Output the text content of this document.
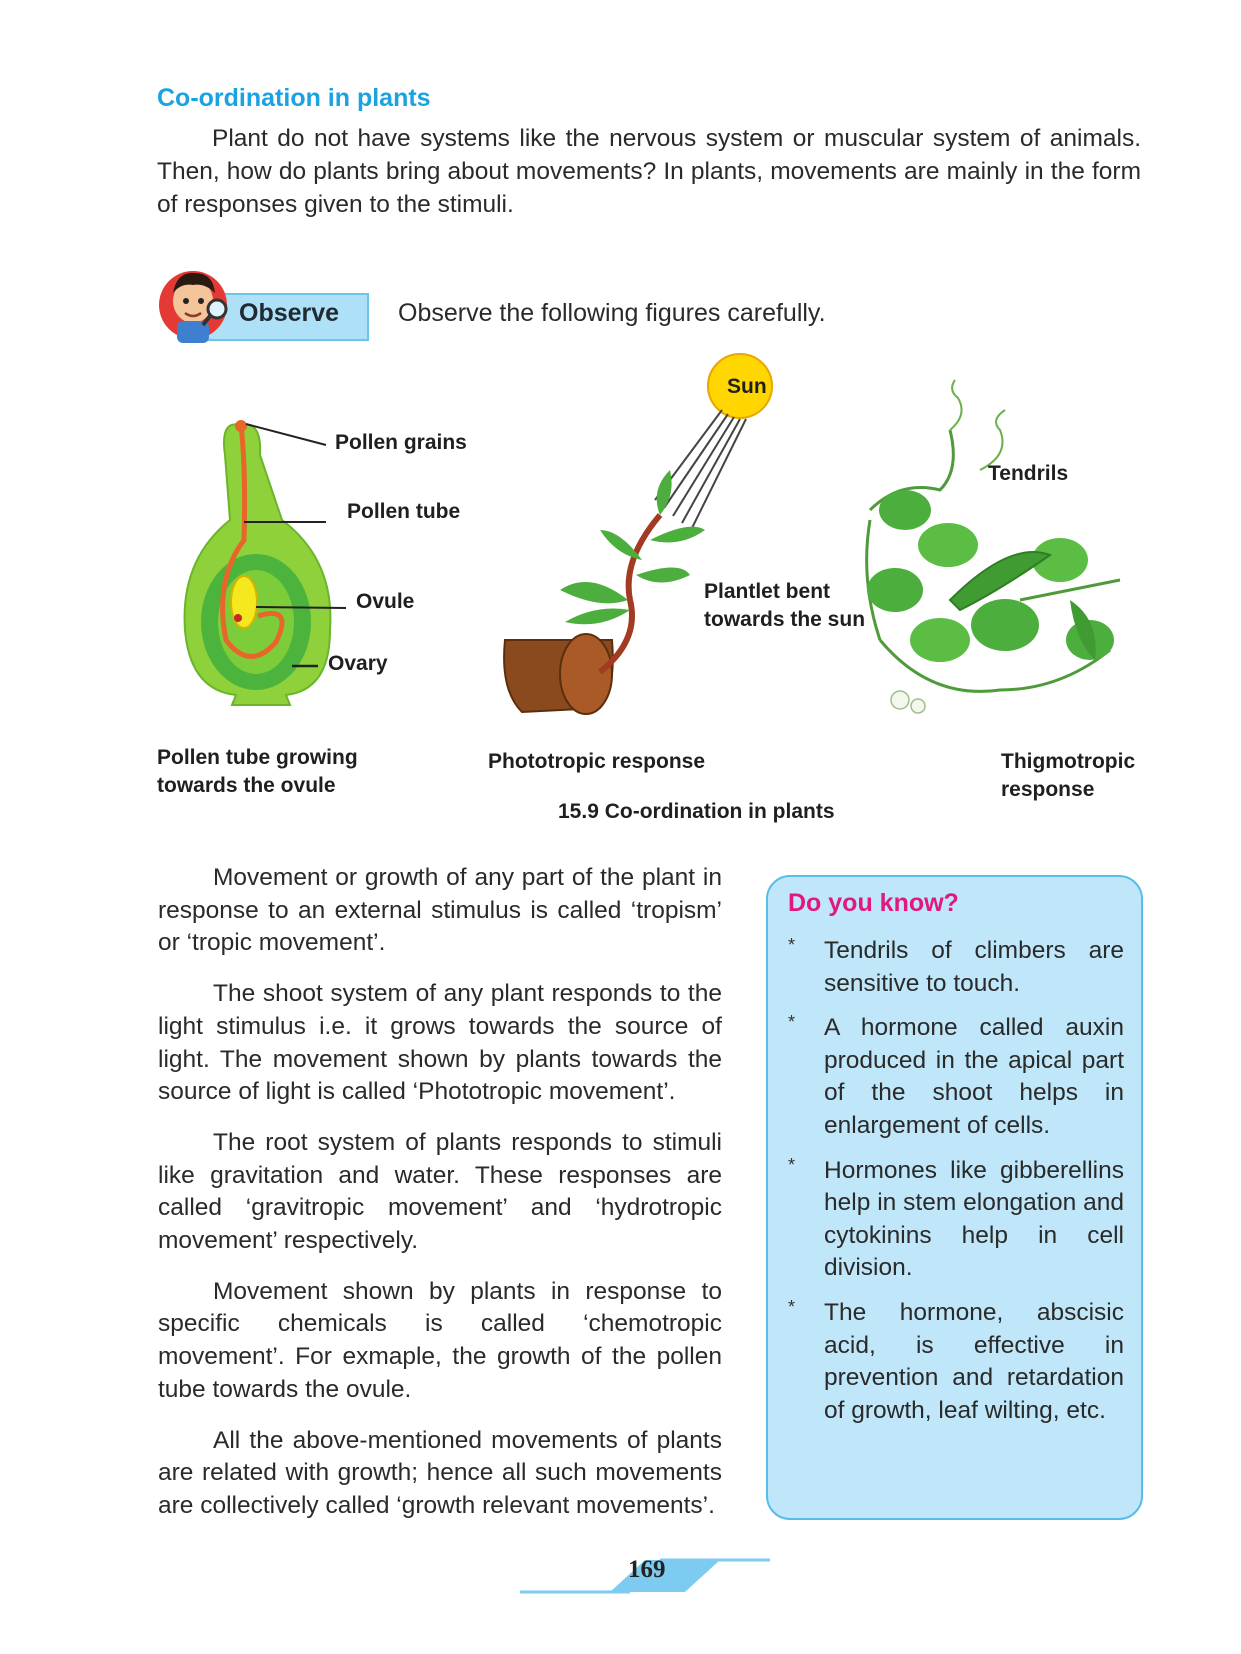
Co-ordination in plants

Plant do not have systems like the nervous system or muscular system of animals. Then, how do plants bring about movements? In plants, movements are mainly in the form of responses given to the stimuli.

Observe Observe the following figures carefully.
Pollen grains
Pollen tube
Ovule
Ovary
Sun
Plantlet bent
towards the sun
Tendrils
Pollen tube growing
towards the ovule
Phototropic response	Thigmotropic
response
15.9 Co-ordination in plants

Movement or growth of any part of the plant in response to an external stimulus is called ‘tropism’ or ‘tropic movement’.

The shoot system of any plant responds to the light stimulus i.e. it grows towards the source of light. The movement shown by plants towards the source of light is called ‘Phototropic movement’.

The root system of plants responds to stimuli like gravitation and water. These responses are called ‘gravitropic movement’ and ‘hydrotropic movement’ respectively.

Movement shown by plants in response to specific chemicals is called ‘chemotropic movement’. For exmaple, the growth of the pollen tube towards the ovule.

All the above-mentioned movements of plants are related with growth; hence all such movements are collectively called ‘growth relevant movements’.

Do you know?
* Tendrils of climbers are sensitive to touch.
* A hormone called auxin produced in the apical part of the shoot helps in enlargement of cells.
* Hormones like gibberellins help in stem elongation and cytokinins help in cell division.
* The hormone, abscisic acid, is effective in prevention and retardation of growth, leaf wilting, etc.
169
